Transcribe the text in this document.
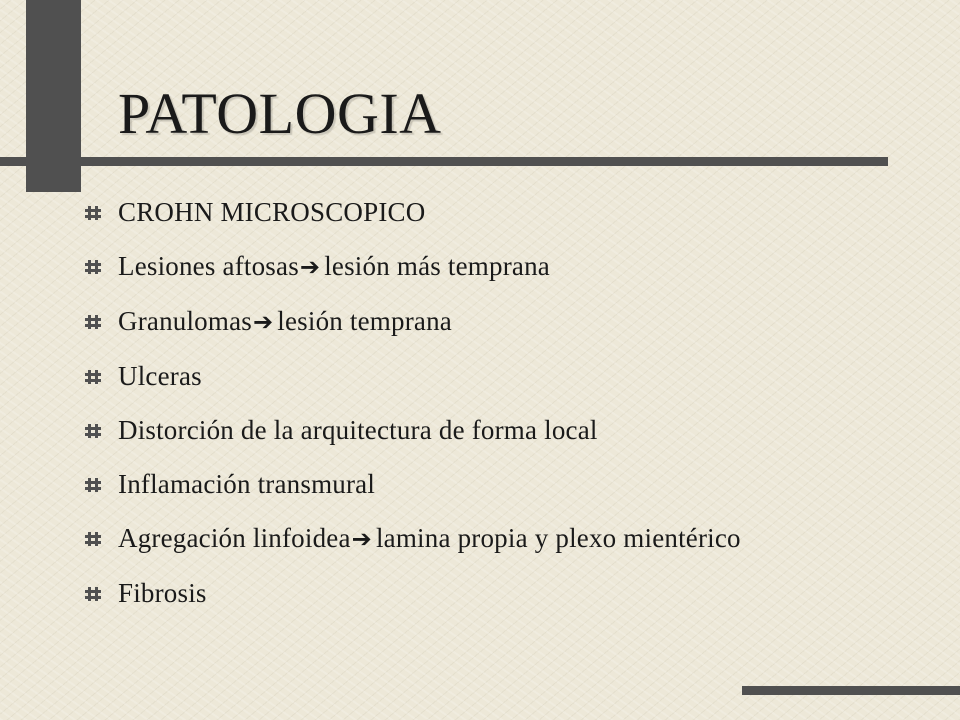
PATOLOGIA
CROHN MICROSCOPICO
Lesiones aftosas➔ lesión más temprana
Granulomas➔ lesión temprana
Ulceras
Distorción de la arquitectura de forma local
Inflamación transmural
Agregación linfoidea➔ lamina propia y plexo mientérico
Fibrosis
